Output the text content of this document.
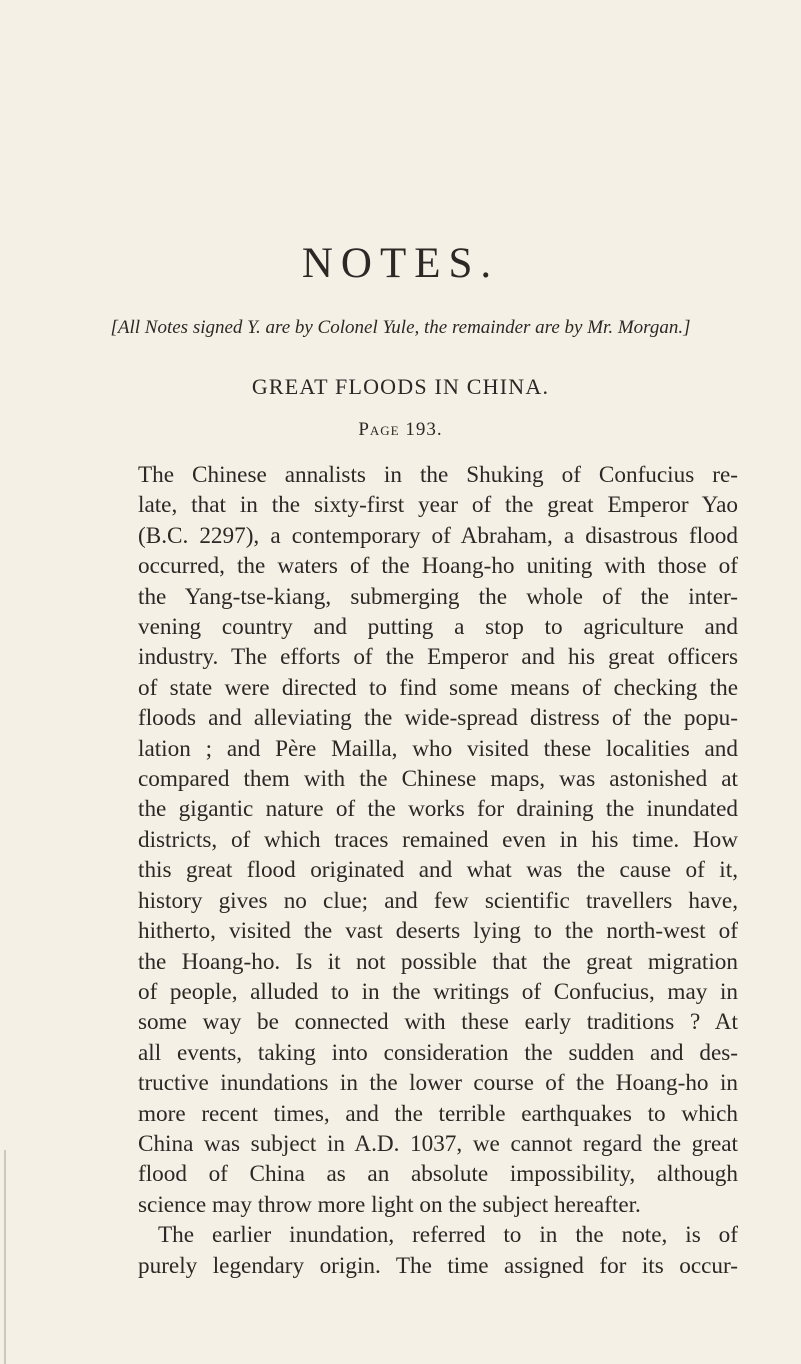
NOTES.

[All Notes signed Y. are by Colonel Yule, the remainder are by Mr. Morgan.]

GREAT FLOODS IN CHINA.

Page 193.

The Chinese annalists in the Shuking of Confucius re-
late, that in the sixty-first year of the great Emperor Yao
(B.C. 2297), a contemporary of Abraham, a disastrous flood
occurred, the waters of the Hoang-ho uniting with those of
the Yang-tse-kiang, submerging the whole of the inter-
vening country and putting a stop to agriculture and
industry. The efforts of the Emperor and his great officers
of state were directed to find some means of checking the
floods and alleviating the wide-spread distress of the popu-
lation ; and Père Mailla, who visited these localities and
compared them with the Chinese maps, was astonished at
the gigantic nature of the works for draining the inundated
districts, of which traces remained even in his time. How
this great flood originated and what was the cause of it,
history gives no clue; and few scientific travellers have,
hitherto, visited the vast deserts lying to the north-west of
the Hoang-ho. Is it not possible that the great migration
of people, alluded to in the writings of Confucius, may in
some way be connected with these early traditions ? At
all events, taking into consideration the sudden and des-
tructive inundations in the lower course of the Hoang-ho in
more recent times, and the terrible earthquakes to which
China was subject in A.D. 1037, we cannot regard the great
flood of China as an absolute impossibility, although
science may throw more light on the subject hereafter.
The earlier inundation, referred to in the note, is of
purely legendary origin. The time assigned for its occur-
